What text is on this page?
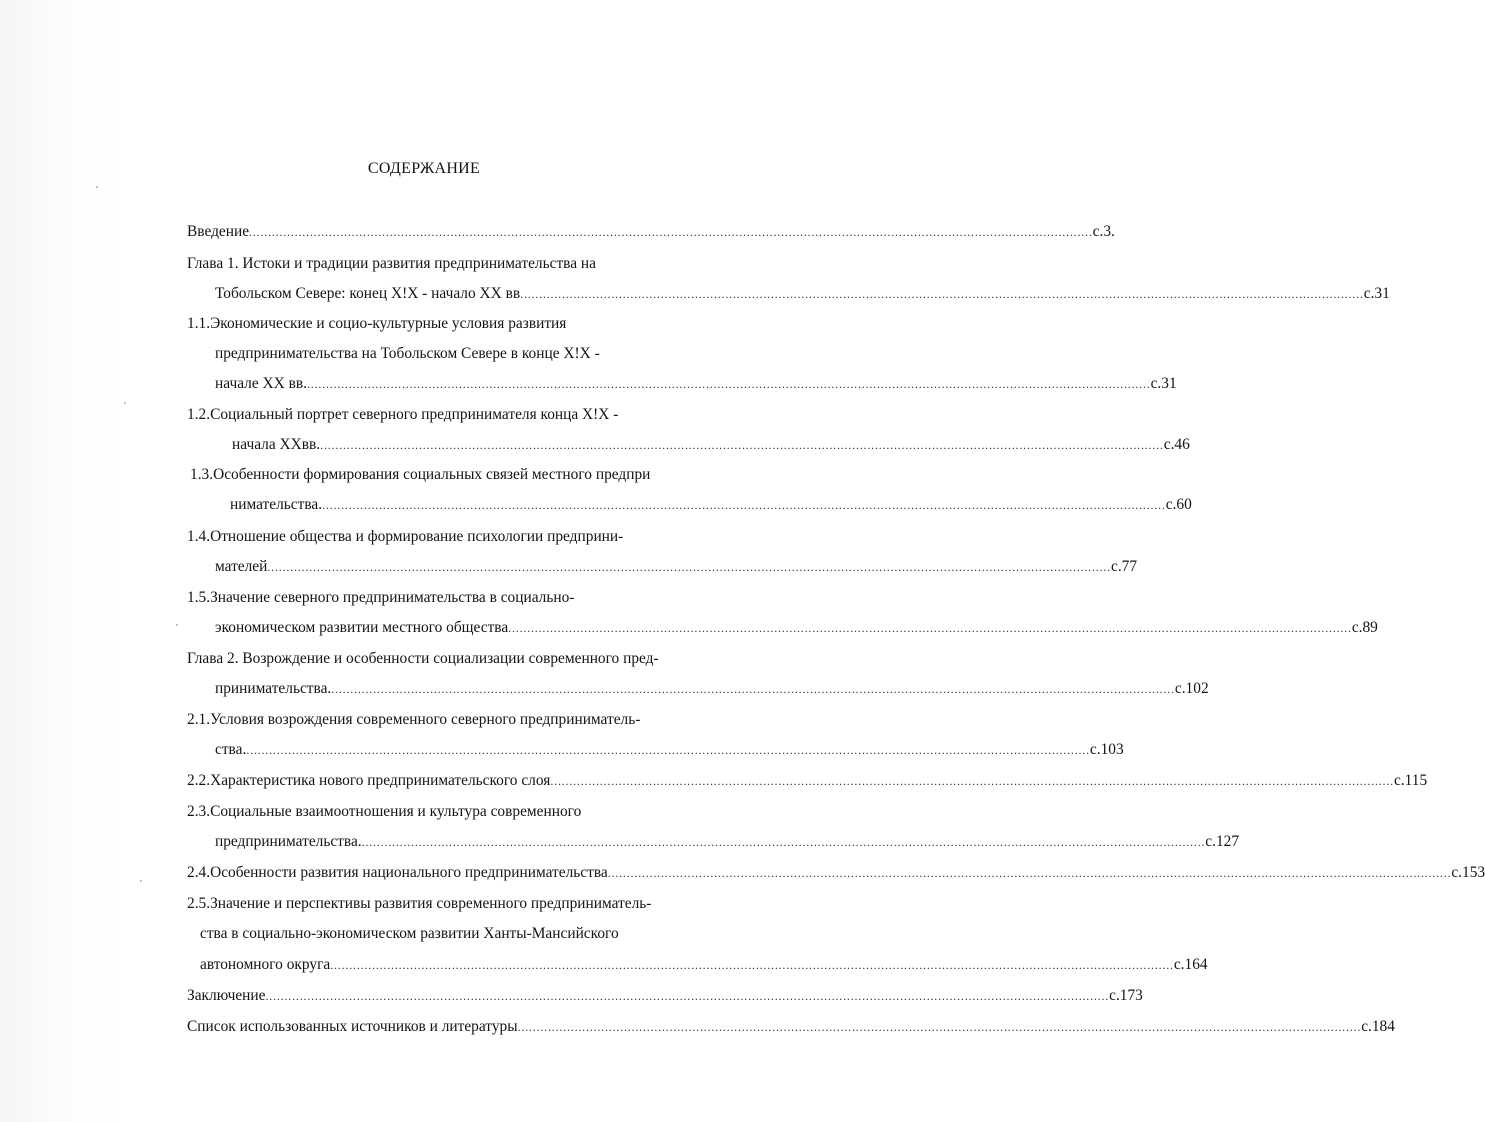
СОДЕРЖАНИЕ
Введение .............................................................................................................................................................................................................................. с.3.
Глава 1. Истоки и традиции развития предпринимательства на
Тобольском Севере: конец X!X - начало XX вв .............................................................................................................................................................................................................................. с.31
1.1.Экономические и социо-культурные условия развития
предпринимательства на Тобольском Севере в конце X!X -
начале XX вв. .............................................................................................................................................................................................................................. с.31
1.2.Социальный портрет северного предпринимателя конца X!X -
начала XXвв. .............................................................................................................................................................................................................................. с.46
1.3.Особенности формирования социальных связей местного предпри
нимательства. .............................................................................................................................................................................................................................. с.60
1.4.Отношение общества и формирование психологии предприни-
мателей .............................................................................................................................................................................................................................. с.77
1.5.Значение северного предпринимательства в социально-
экономическом развитии местного общества .............................................................................................................................................................................................................................. с.89
Глава 2. Возрождение и особенности социализации современного пред-
принимательства. .............................................................................................................................................................................................................................. с.102
2.1.Условия возрождения современного северного предприниматель-
ства. .............................................................................................................................................................................................................................. с.103
2.2.Характеристика нового предпринимательского слоя .............................................................................................................................................................................................................................. с.115
2.3.Социальные взаимоотношения и культура современного
предпринимательства. .............................................................................................................................................................................................................................. с.127
2.4.Особенности развития национального предпринимательства .............................................................................................................................................................................................................................. с.153
2.5.Значение и перспективы развития современного предприниматель-
ства в социально-экономическом развитии Ханты-Мансийского
автономного округа .............................................................................................................................................................................................................................. с.164
Заключение .............................................................................................................................................................................................................................. с.173
Список использованных источников и литературы .............................................................................................................................................................................................................................. с.184
